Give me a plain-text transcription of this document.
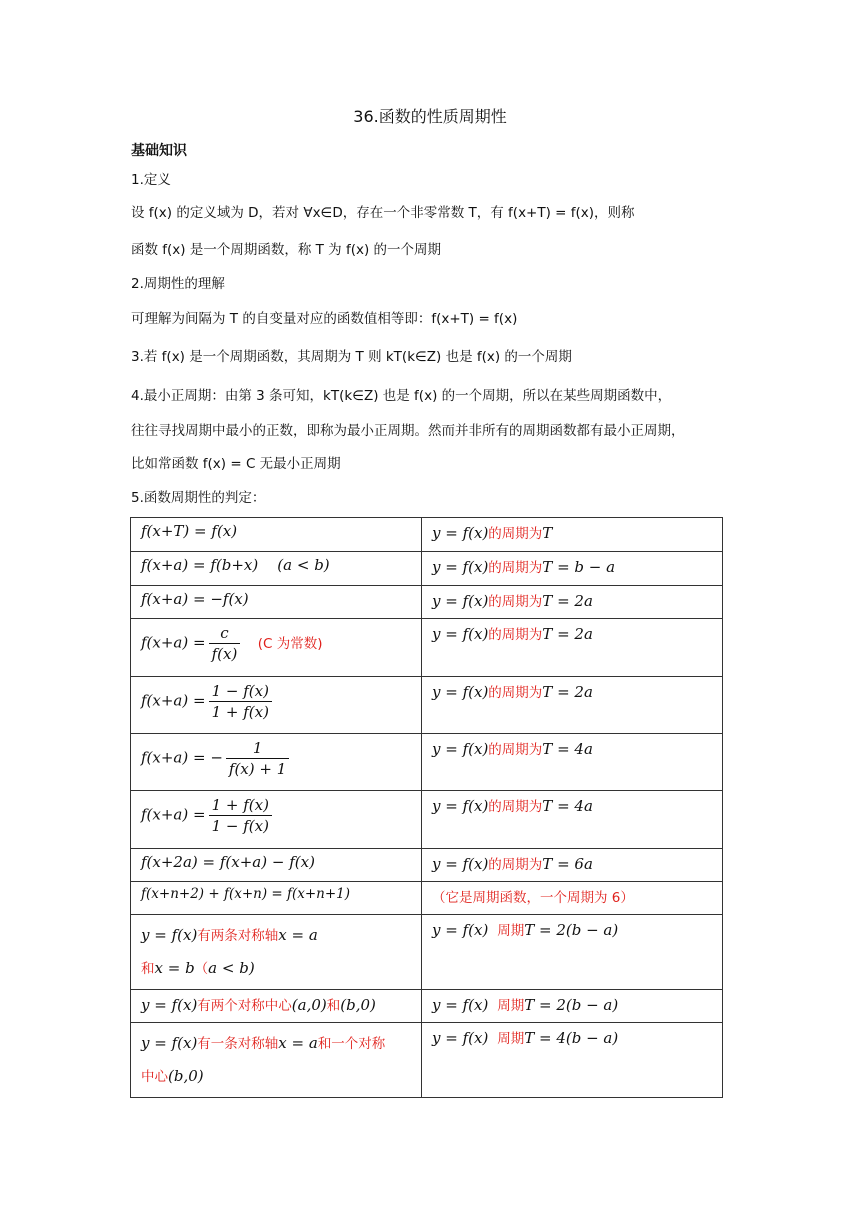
36.函数的性质周期性
基础知识
1.定义
设 f(x) 的定义域为 D，若对 ∀x∈D，存在一个非零常数 T，有 f(x+T) = f(x)，则称
函数 f(x) 是一个周期函数，称 T 为 f(x) 的一个周期
2.周期性的理解
可理解为间隔为 T 的自变量对应的函数值相等即：f(x+T) = f(x)
3.若 f(x) 是一个周期函数，其周期为 T 则 kT(k∈Z) 也是 f(x) 的一个周期
4.最小正周期：由第 3 条可知，kT(k∈Z) 也是 f(x) 的一个周期，所以在某些周期函数中，
往往寻找周期中最小的正数，即称为最小正周期。然而并非所有的周期函数都有最小正周期，
比如常函数 f(x) = C 无最小正周期
5.函数周期性的判定：
f(x+T) = f(x)	y = f(x)的周期为T
f(x+a) = f(b+x)    (a < b)	y = f(x)的周期为T = b − a
f(x+a) = −f(x)	y = f(x)的周期为T = 2a
$f(x+a) = \frac{c}{f(x)} (C$ 为常数)	y = f(x)的周期为T = 2a
$f(x+a) = \frac{1 - f(x)}{1 + f(x)}$	y = f(x)的周期为T = 2a
f(x+a) = − $\frac{1}{f(x) + 1}$	y = f(x)的周期为T = 4a
$f(x+a) = \frac{1 + f(x)}{1 - f(x)}$	y = f(x)的周期为T = 4a
f(x+2a) = f(x+a) − f(x)	y = f(x)的周期为T = 6a
f(x+n+2) + f(x+n) = f(x+n+1)	（它是周期函数，一个周期为 6）
y = f(x)有两条对称轴x = a
和x = b（a < b)	y = f(x) 周期T = 2(b − a)
y = f(x)有两个对称中心(a,0)和(b,0)	y = f(x) 周期T = 2(b − a)
y = f(x)有一条对称轴x = a和一个对称
中心(b,0)	y = f(x) 周期T = 4(b − a)
